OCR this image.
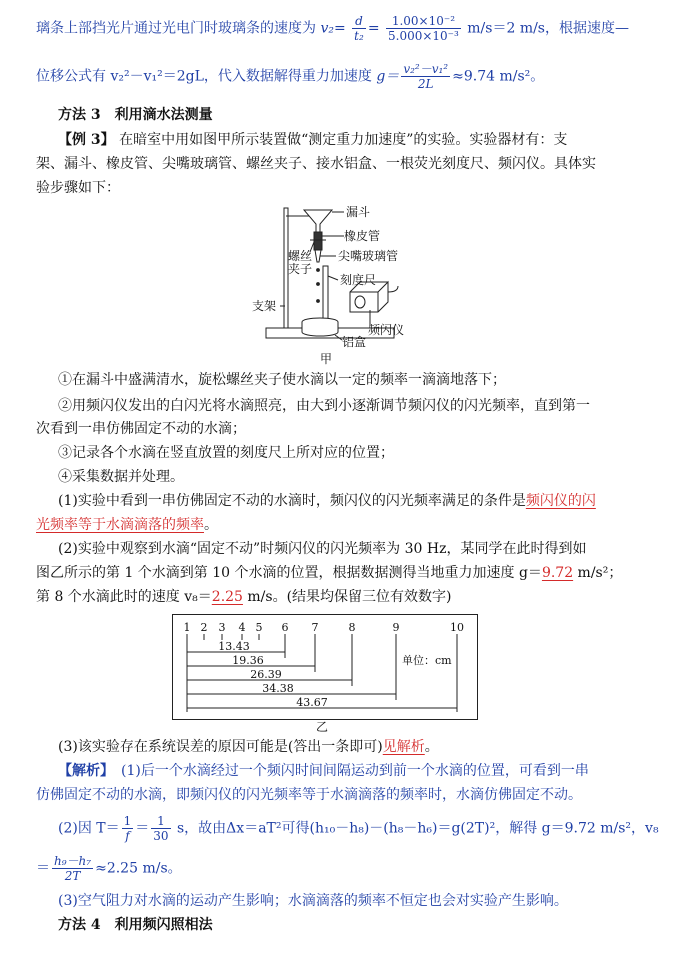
璃条上部挡光片通过光电门时玻璃条的速度为 $v_2= \frac{d}{\text{t₂}} = \frac{\text{1.00×10⁻²}}{\text{5.000×10⁻³}} m/s=2$ m/s，根据速度—
位移公式有 v₂²－v₁²＝2gL，代入数据解得重力加速度 $g= \frac{\text{v₂²－v₁²}}{2L} \approx 9.74$ m/s²。
方法 3　利用滴水法测量
【例 3】 在暗室中用如图甲所示装置做“测定重力加速度”的实验。实验器材有：支
架、漏斗、橡皮管、尖嘴玻璃管、螺丝夹子、接水铝盒、一根荧光刻度尺、频闪仪。具体实
验步骤如下：
漏斗
橡皮管
尖嘴玻璃管
螺丝
夹子
刻度尺
支架
频闪仪
铝盒
甲
①在漏斗中盛满清水，旋松螺丝夹子使水滴以一定的频率一滴滴地落下；
②用频闪仪发出的白闪光将水滴照亮，由大到小逐渐调节频闪仪的闪光频率，直到第一
次看到一串仿佛固定不动的水滴；
③记录各个水滴在竖直放置的刻度尺上所对应的位置；
④采集数据并处理。
(1)实验中看到一串仿佛固定不动的水滴时，频闪仪的闪光频率满足的条件是频闪仪的闪
光频率等于水滴滴落的频率。
(2)实验中观察到水滴“固定不动”时频闪仪的闪光频率为 30 Hz，某同学在此时得到如
图乙所示的第 1 个水滴到第 10 个水滴的位置，根据数据测得当地重力加速度 g＝9.72 m/s²；
第 8 个水滴此时的速度 v₈＝2.25 m/s。(结果均保留三位有效数字)
1 2 3 4 5 6 7	8	9	10
13.43
19.36
26.39
34.38
43.67
单位：cm
乙
(3)该实验存在系统误差的原因可能是(答出一条即可)见解析。
【解析】　(1)后一个水滴经过一个频闪时间间隔运动到前一个水滴的位置，可看到一串
仿佛固定不动的水滴，即频闪仪的闪光频率等于水滴滴落的频率时，水滴仿佛固定不动。
(2)因 $T= \frac{1}{f} = \frac{1}{30}$ s，故由Δx＝aT²可得(h₁₀－h₈)－(h₈－h₆)＝g(2T)²，解得 g＝9.72 m/s²，v₈
＝ $\frac{\text{h₉－h₇}}{2T} \approx 2.25$ m/s。
(3)空气阻力对水滴的运动产生影响；水滴滴落的频率不恒定也会对实验产生影响。
方法 4　利用频闪照相法
